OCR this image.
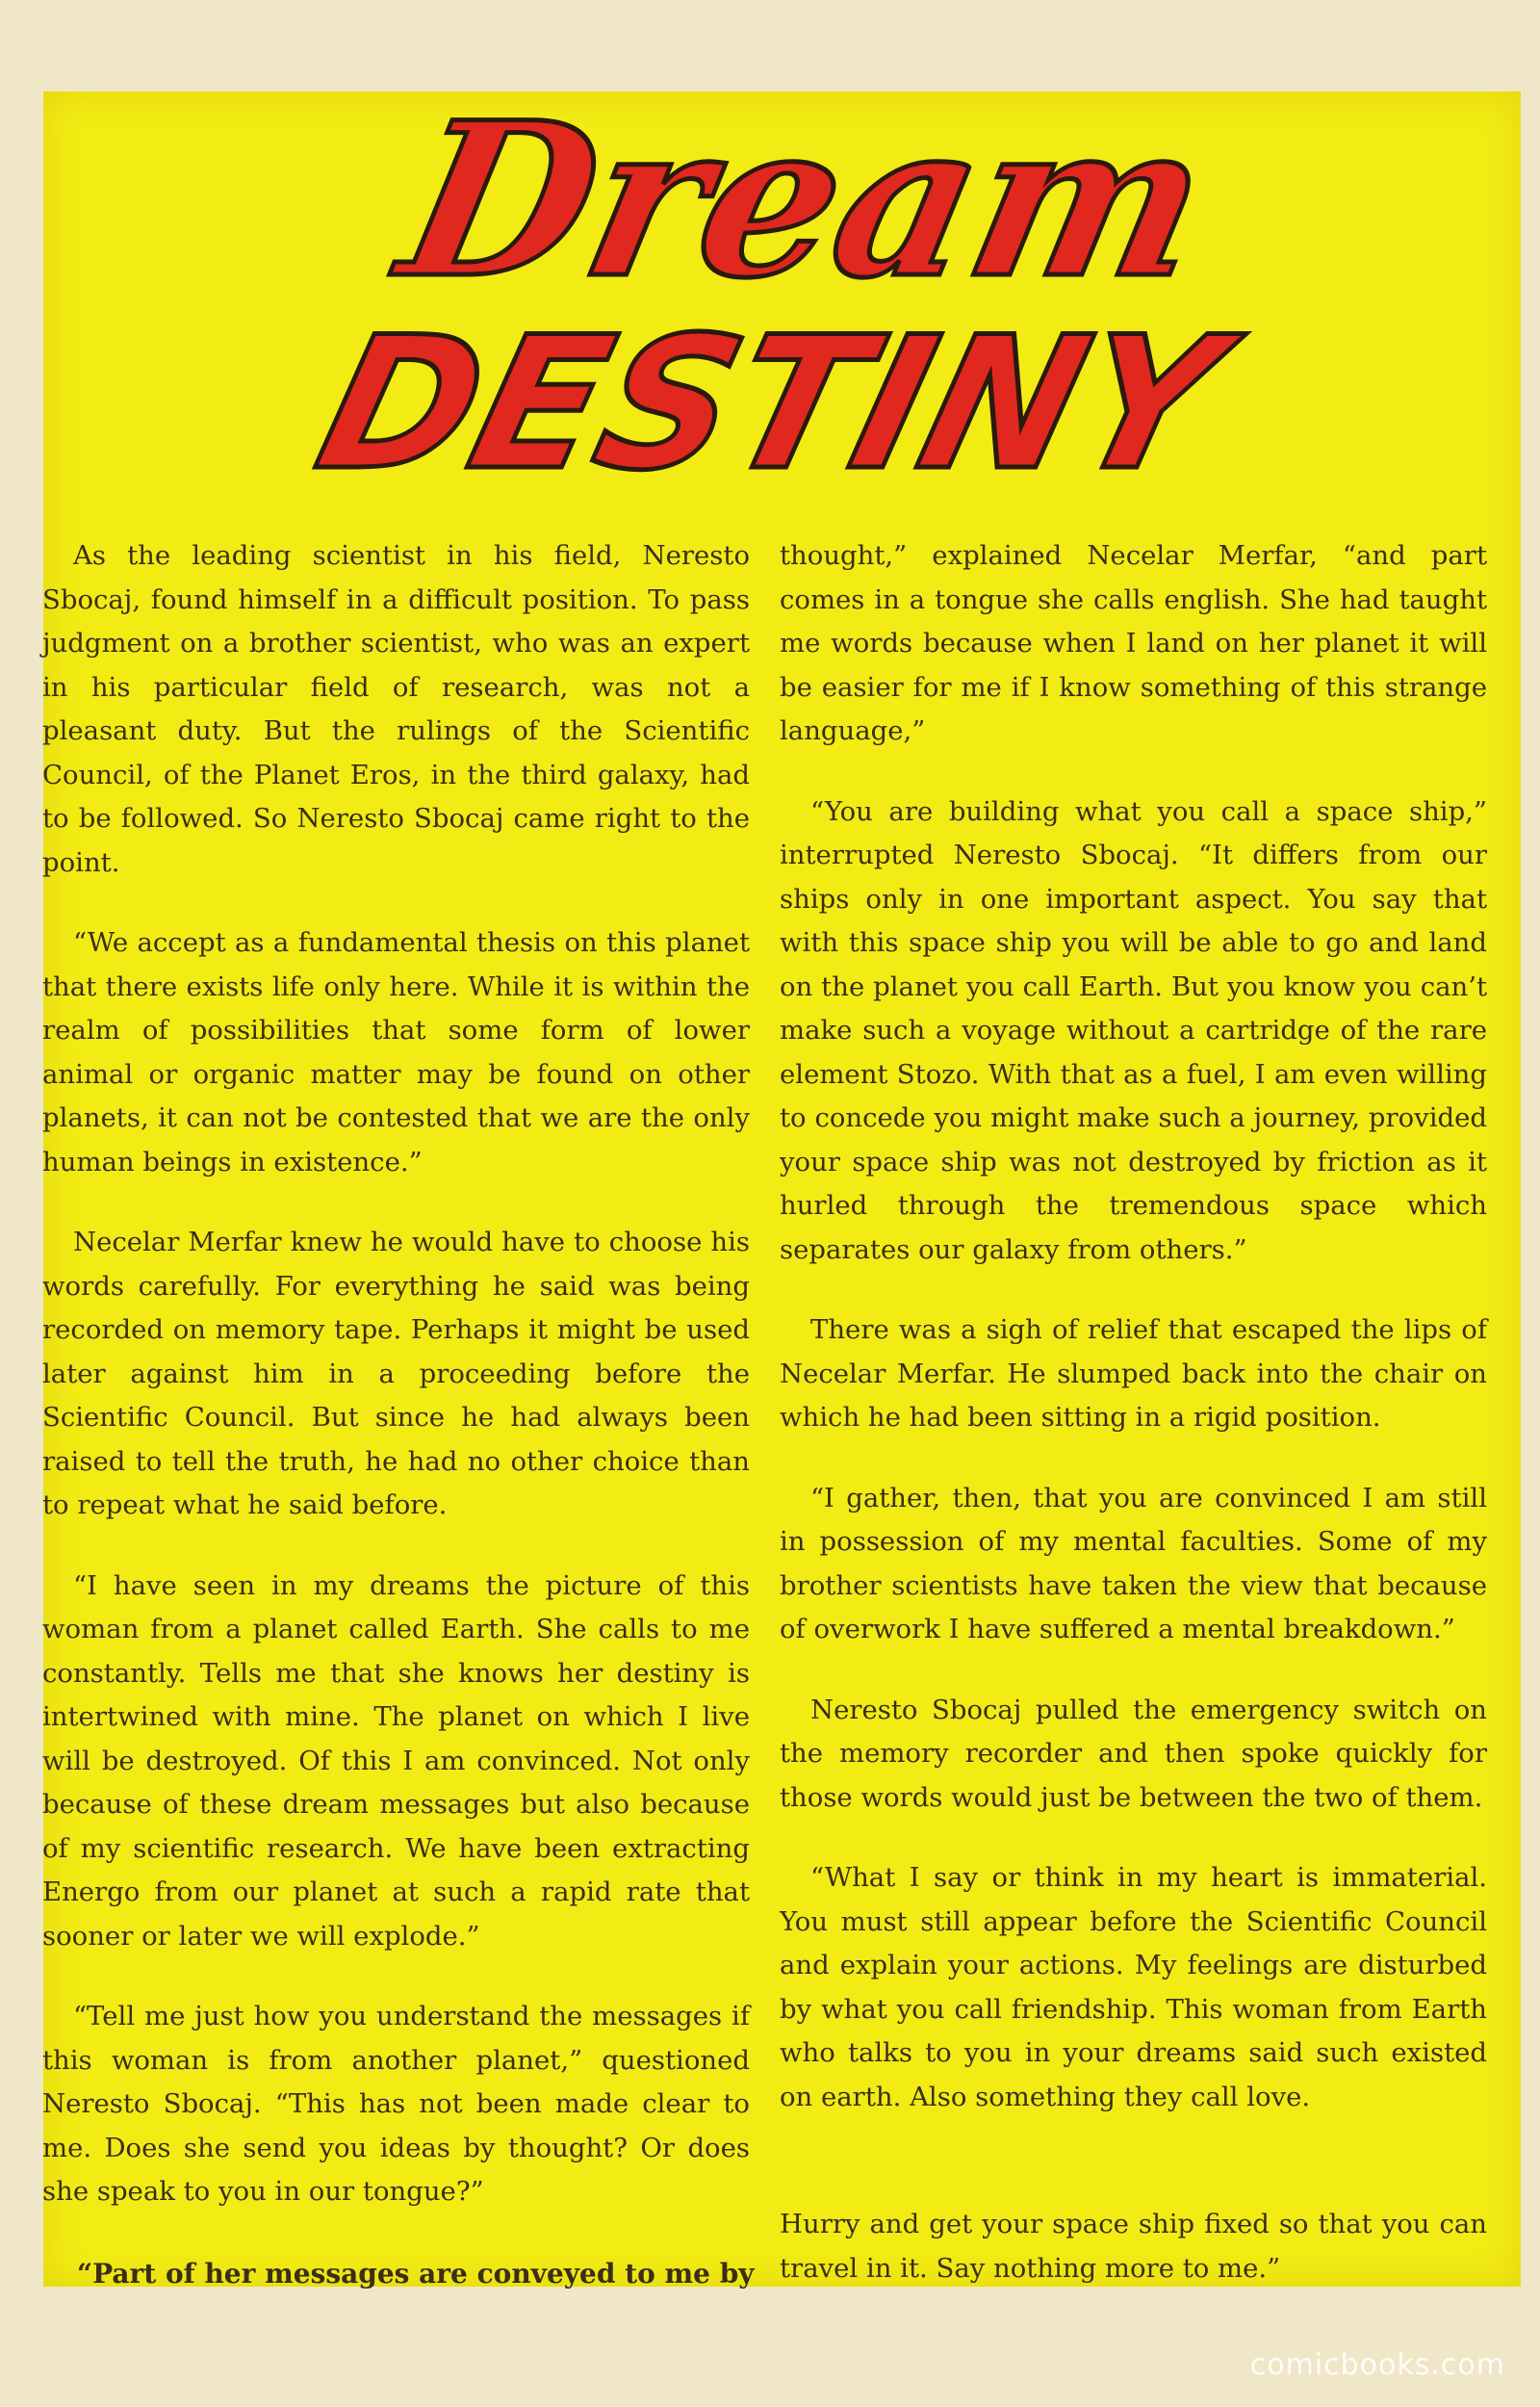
Dream
DESTINY

As the leading scientist in his field, Neresto Sbocaj, found himself in a difficult position. To pass judgment on a brother scientist, who was an expert in his particular field of research, was not a pleasant duty. But the rulings of the Scientific Council, of the Planet Eros, in the third galaxy, had to be followed. So Neresto Sbocaj came right to the point.

“We accept as a fundamental thesis on this planet that there exists life only here. While it is within the realm of possibilities that some form of lower animal or organic matter may be found on other planets, it can not be contested that we are the only human beings in existence.”

Necelar Merfar knew he would have to choose his words carefully. For everything he said was being recorded on memory tape. Perhaps it might be used later against him in a proceeding before the Scientific Council. But since he had always been raised to tell the truth, he had no other choice than to repeat what he said before.

“I have seen in my dreams the picture of this woman from a planet called Earth. She calls to me constantly. Tells me that she knows her destiny is intertwined with mine. The planet on which I live will be destroyed. Of this I am convinced. Not only because of these dream messages but also because of my scientific research. We have been extracting Energo from our planet at such a rapid rate that sooner or later we will explode.”

“Tell me just how you understand the messages if this woman is from another planet,” questioned Neresto Sbocaj. “This has not been made clear to me. Does she send you ideas by thought? Or does she speak to you in our tongue?”

thought,” explained Necelar Merfar, “and part comes in a tongue she calls english. She had taught me words because when I land on her planet it will be easier for me if I know something of this strange language,”

“You are building what you call a space ship,” interrupted Neresto Sbocaj. “It differs from our ships only in one important aspect. You say that with this space ship you will be able to go and land on the planet you call Earth. But you know you can’t make such a voyage without a cartridge of the rare element Stozo. With that as a fuel, I am even willing to concede you might make such a journey, provided your space ship was not destroyed by friction as it hurled through the tremendous space which separates our galaxy from others.”

There was a sigh of relief that escaped the lips of Necelar Merfar. He slumped back into the chair on which he had been sitting in a rigid position.

“I gather, then, that you are convinced I am still in possession of my mental faculties. Some of my brother scientists have taken the view that because of overwork I have suffered a mental breakdown.”

Neresto Sbocaj pulled the emergency switch on the memory recorder and then spoke quickly for those words would just be between the two of them.

“What I say or think in my heart is immaterial. You must still appear before the Scientific Council and explain your actions. My feelings are disturbed by what you call friendship. This woman from Earth who talks to you in your dreams said such existed on earth. Also something they call love.

“Part of her messages are conveyed to me by
Hurry and get your space ship fixed so that you can travel in it. Say nothing more to me.”
comicbooks.com
